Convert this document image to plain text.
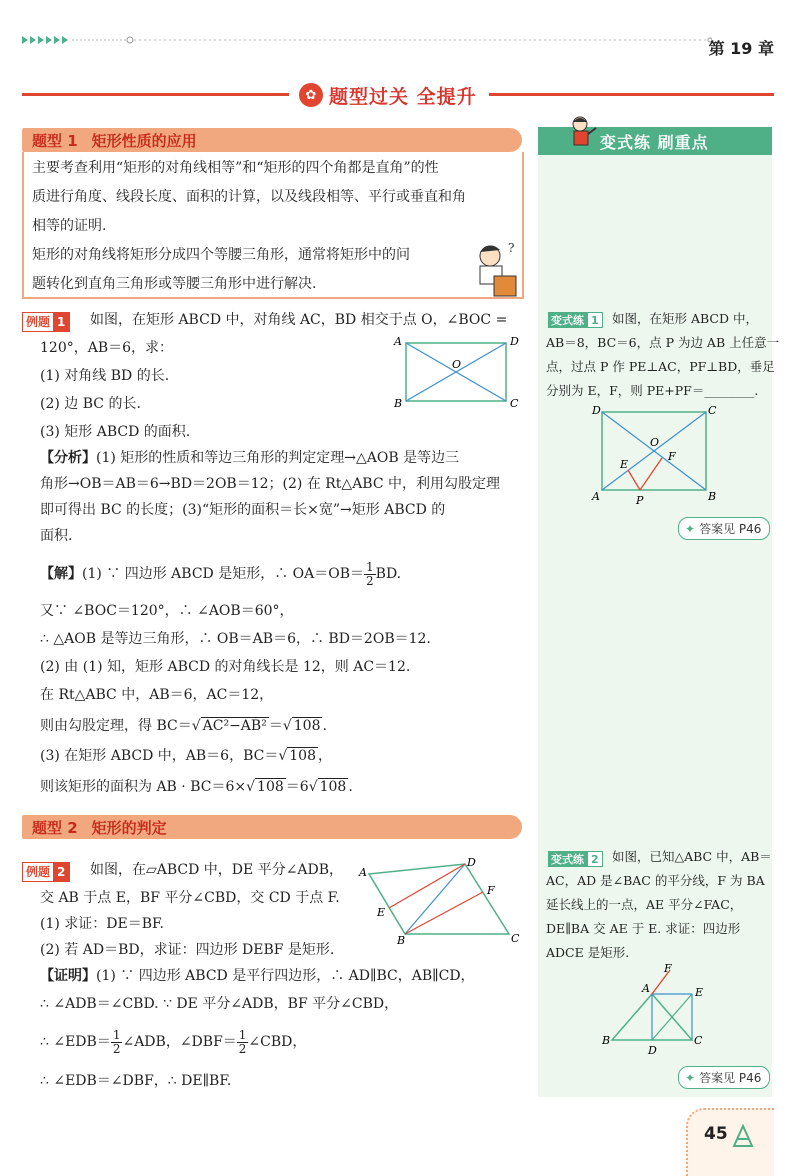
第 19 章
✿ 题型过关 全提升
题型 1 矩形性质的应用

主要考查利用“矩形的对角线相等”和“矩形的四个角都是直角”的性

质进行角度、线段长度、面积的计算，以及线段相等、平行或垂直和角

相等的证明.

矩形的对角线将矩形分成四个等腰三角形，通常将矩形中的问

题转化到直角三角形或等腰三角形中进行解决.

?
例题 1 如图，在矩形 ABCD 中，对角线 AC，BD 相交于点 O，∠BOC =
120°，AB＝6，求：
(1) 对角线 BD 的长.
(2) 边 BC 的长.
(3) 矩形 ABCD 的面积.
A	D
B	C
O
【分析】(1) 矩形的性质和等边三角形的判定定理→△AOB 是等边三
角形→OB＝AB＝6→BD＝2OB＝12；(2) 在 Rt△ABC 中，利用勾股定理
即可得出 BC 的长度；(3)“矩形的面积＝长×宽”→矩形 ABCD 的
面积.
【解】(1) ∵ 四边形 ABCD 是矩形，∴ $OA=OB= \frac{1}{2}$ BD.
又∵ ∠BOC＝120°，∴ ∠AOB＝60°，
∴ △AOB 是等边三角形，∴ OB＝AB＝6，∴ BD＝2OB＝12.
(2) 由 (1) 知，矩形 ABCD 的对角线长是 12，则 AC＝12.
在 Rt△ABC 中，AB＝6，AC＝12，
则由勾股定理，得 BC＝√ AC²−AB² ＝√ 108 .
(3) 在矩形 ABCD 中，AB＝6，BC＝√ 108 ，
则该矩形的面积为 AB · BC＝6×√ 108 ＝6√ 108 .
题型 2 矩形的判定
例题 2 如图，在▱ABCD 中，DE 平分∠ADB，
交 AB 于点 E，BF 平分∠CBD，交 CD 于点 F.
(1) 求证：DE＝BF.
(2) 若 AD＝BD，求证：四边形 DEBF 是矩形.
A
D
B	C
E
F
【证明】(1) ∵ 四边形 ABCD 是平行四边形，∴ AD∥BC，AB∥CD，
∴ ∠ADB＝∠CBD. ∵ DE 平分∠ADB，BF 平分∠CBD，
∴ ∠EDB＝ $\frac{1}{2}$ ∠ADB，∠DBF＝ $\frac{1}{2}$ ∠CBD，
∴ ∠EDB＝∠DBF，∴ DE∥BF.
变式练 刷重点
变式练 1	如图，在矩形 ABCD 中，
AB＝8，BC＝6，点 P 为边 AB 上任意一
点，过点 P 作 PE⊥AC，PF⊥BD，垂足
分别为 E，F，则 PE+PF＝________.
D	C
A	B
O
E
F
P
✦ 答案见 P46
变式练 2	如图，已知△ABC 中，AB＝
AC，AD 是∠BAC 的平分线，F 为 BA
延长线上的一点，AE 平分∠FAC，
DE∥BA 交 AE 于 E. 求证：四边形
ADCE 是矩形.
F
A	E
B
D
C
✦ 答案见 P46
45
